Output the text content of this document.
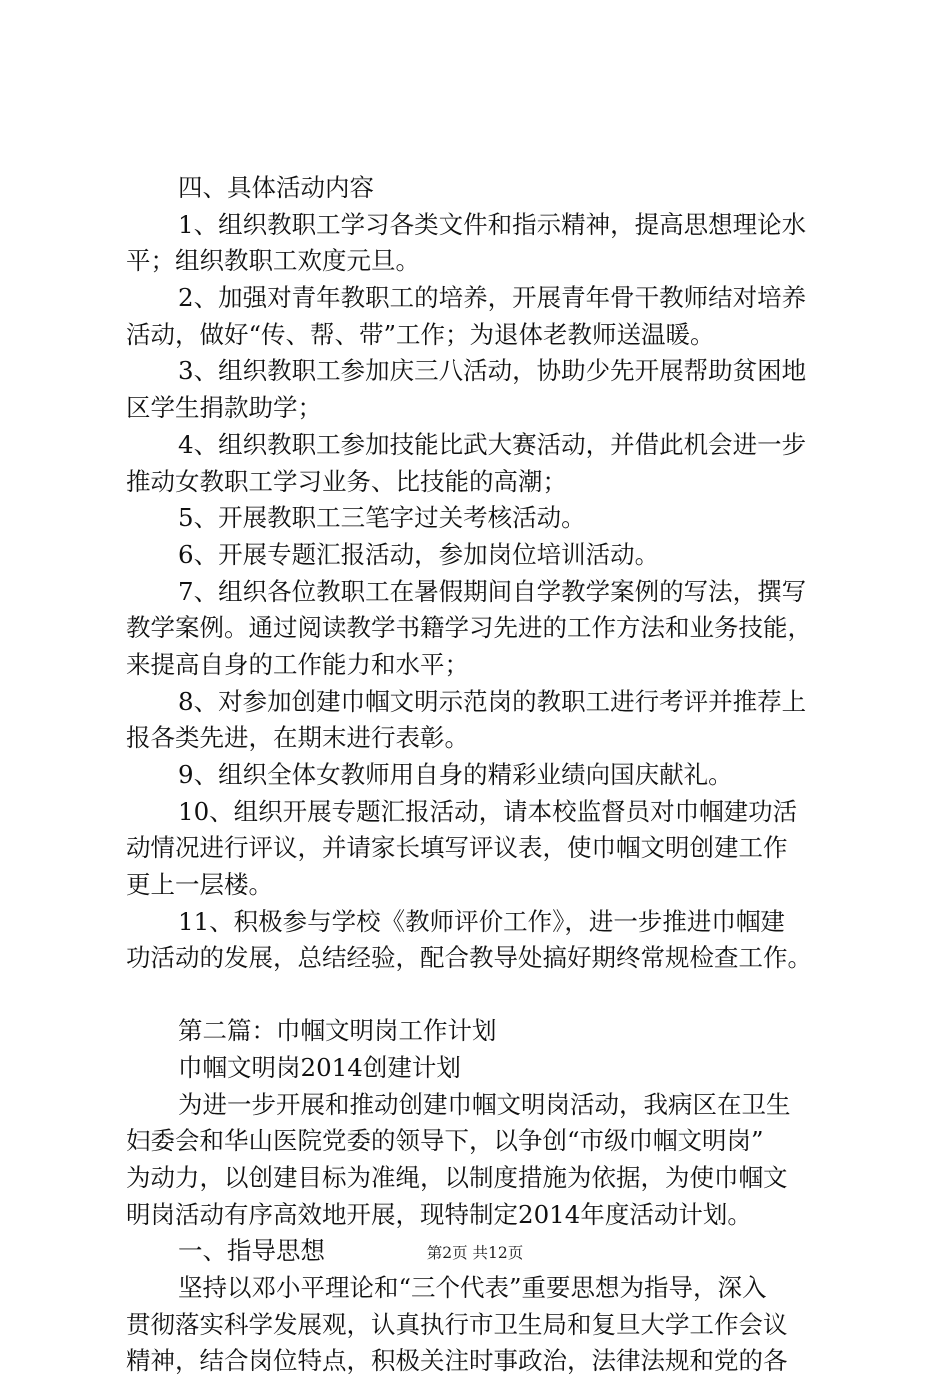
四、具体活动内容
1、组织教职工学习各类文件和指示精神，提高思想理论水
平；组织教职工欢度元旦。
2、加强对青年教职工的培养，开展青年骨干教师结对培养
活动，做好“传、帮、带”工作；为退体老教师送温暖。
3、组织教职工参加庆三八活动，协助少先开展帮助贫困地
区学生捐款助学；
4、组织教职工参加技能比武大赛活动，并借此机会进一步
推动女教职工学习业务、比技能的高潮；
5、开展教职工三笔字过关考核活动。
6、开展专题汇报活动，参加岗位培训活动。
7、组织各位教职工在暑假期间自学教学案例的写法，撰写
教学案例。通过阅读教学书籍学习先进的工作方法和业务技能，
来提高自身的工作能力和水平；
8、对参加创建巾帼文明示范岗的教职工进行考评并推荐上
报各类先进，在期末进行表彰。
9、组织全体女教师用自身的精彩业绩向国庆献礼。
10、组织开展专题汇报活动，请本校监督员对巾帼建功活
动情况进行评议，并请家长填写评议表，使巾帼文明创建工作
更上一层楼。
11、积极参与学校《教师评价工作》，进一步推进巾帼建
功活动的发展，总结经验，配合教导处搞好期终常规检查工作。
第二篇：巾帼文明岗工作计划
巾帼文明岗2014创建计划
为进一步开展和推动创建巾帼文明岗活动，我病区在卫生
妇委会和华山医院党委的领导下，以争创“市级巾帼文明岗”
为动力，以创建目标为准绳，以制度措施为依据，为使巾帼文
明岗活动有序高效地开展，现特制定2014年度活动计划。
一、指导思想
坚持以邓小平理论和“三个代表”重要思想为指导，深入
贯彻落实科学发展观，认真执行市卫生局和复旦大学工作会议
精神，结合岗位特点，积极关注时事政治，法律法规和党的各
第2页 共12页
